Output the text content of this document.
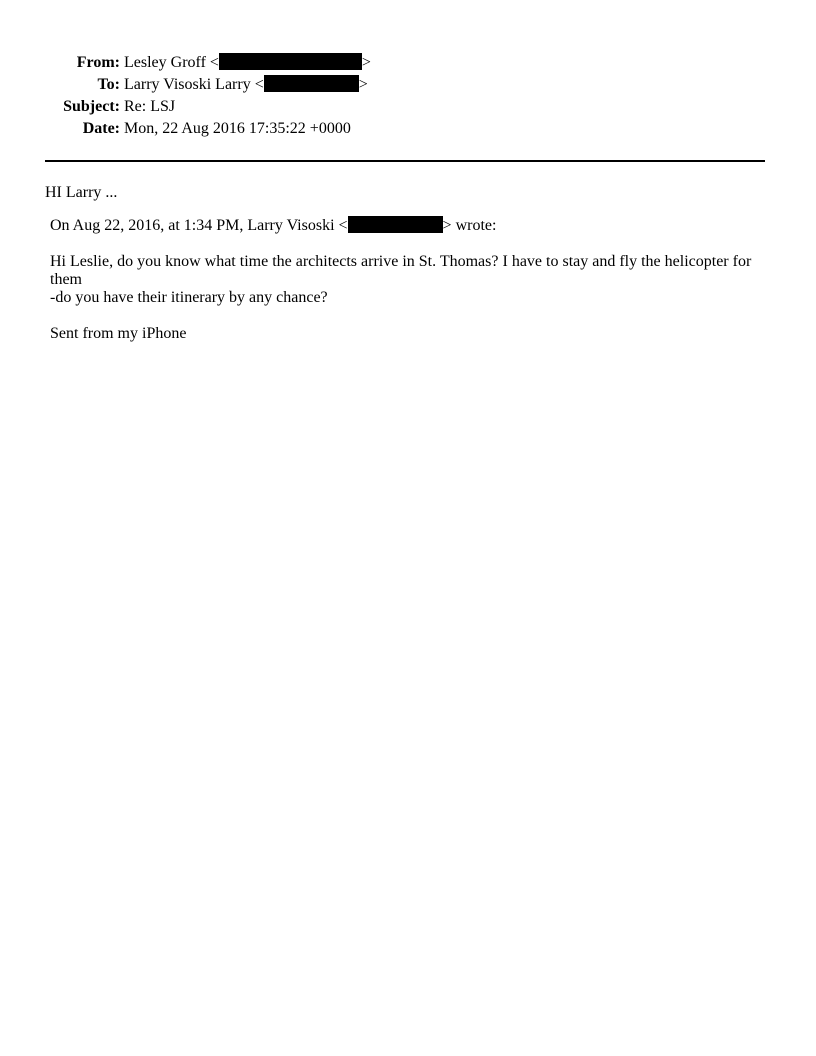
From: Lesley Groff <	>
To: Larry Visoski Larry <	>
Subject: Re: LSJ
Date: Mon, 22 Aug 2016 17:35:22 +0000
HI Larry ...
On Aug 22, 2016, at 1:34 PM, Larry Visoski <	> wrote:

Hi Leslie, do you know what time the architects arrive in St. Thomas? I have to stay and fly the helicopter for them

-do you have their itinerary by any chance?

Sent from my iPhone
